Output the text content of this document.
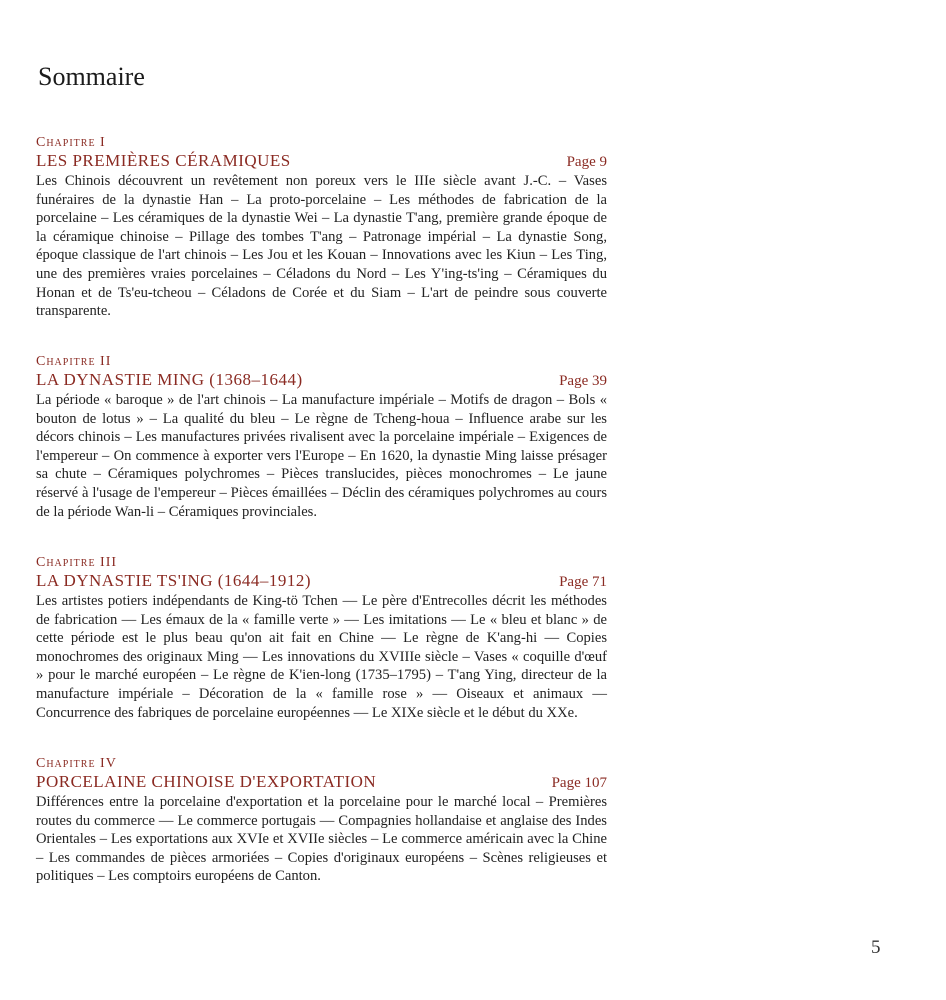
Sommaire
Chapitre I
LES PREMIÈRES CÉRAMIQUES	Page 9

Les Chinois découvrent un revêtement non poreux vers le IIIe siècle avant J.-C. – Vases funéraires de la dynastie Han – La proto-porcelaine – Les méthodes de fabrication de la porcelaine – Les céramiques de la dynastie Wei – La dynastie T'ang, première grande époque de la céramique chinoise – Pillage des tombes T'ang – Patronage impérial – La dynastie Song, époque classique de l'art chinois – Les Jou et les Kouan – Innovations avec les Kiun – Les Ting, une des premières vraies porcelaines – Céladons du Nord – Les Y'ing-ts'ing – Céramiques du Honan et de Ts'eu-tcheou – Céladons de Corée et du Siam – L'art de peindre sous couverte transparente.

Chapitre II
LA DYNASTIE MING (1368–1644)	Page 39

La période « baroque » de l'art chinois – La manufacture impériale – Motifs de dragon – Bols « bouton de lotus » – La qualité du bleu – Le règne de Tcheng-houa – Influence arabe sur les décors chinois – Les manufactures privées rivalisent avec la porcelaine impériale – Exigences de l'empereur – On commence à exporter vers l'Europe – En 1620, la dynastie Ming laisse présager sa chute – Céramiques polychromes – Pièces translucides, pièces monochromes – Le jaune réservé à l'usage de l'empereur – Pièces émaillées – Déclin des céramiques polychromes au cours de la période Wan-li – Céramiques provinciales.

Chapitre III
LA DYNASTIE TS'ING (1644–1912)	Page 71

Les artistes potiers indépendants de King-tö Tchen — Le père d'Entrecolles décrit les méthodes de fabrication — Les émaux de la « famille verte » — Les imitations — Le « bleu et blanc » de cette période est le plus beau qu'on ait fait en Chine — Le règne de K'ang-hi — Copies monochromes des originaux Ming — Les innovations du XVIIIe siècle – Vases « coquille d'œuf » pour le marché européen – Le règne de K'ien-long (1735–1795) – T'ang Ying, directeur de la manufacture impériale – Décoration de la « famille rose » — Oiseaux et animaux — Concurrence des fabriques de porcelaine européennes — Le XIXe siècle et le début du XXe.

Chapitre IV
PORCELAINE CHINOISE D'EXPORTATION	Page 107

Différences entre la porcelaine d'exportation et la porcelaine pour le marché local – Premières routes du commerce — Le commerce portugais — Compagnies hollandaise et anglaise des Indes Orientales – Les exportations aux XVIe et XVIIe siècles – Le commerce américain avec la Chine – Les commandes de pièces armoriées – Copies d'originaux européens – Scènes religieuses et politiques – Les comptoirs européens de Canton.

5
